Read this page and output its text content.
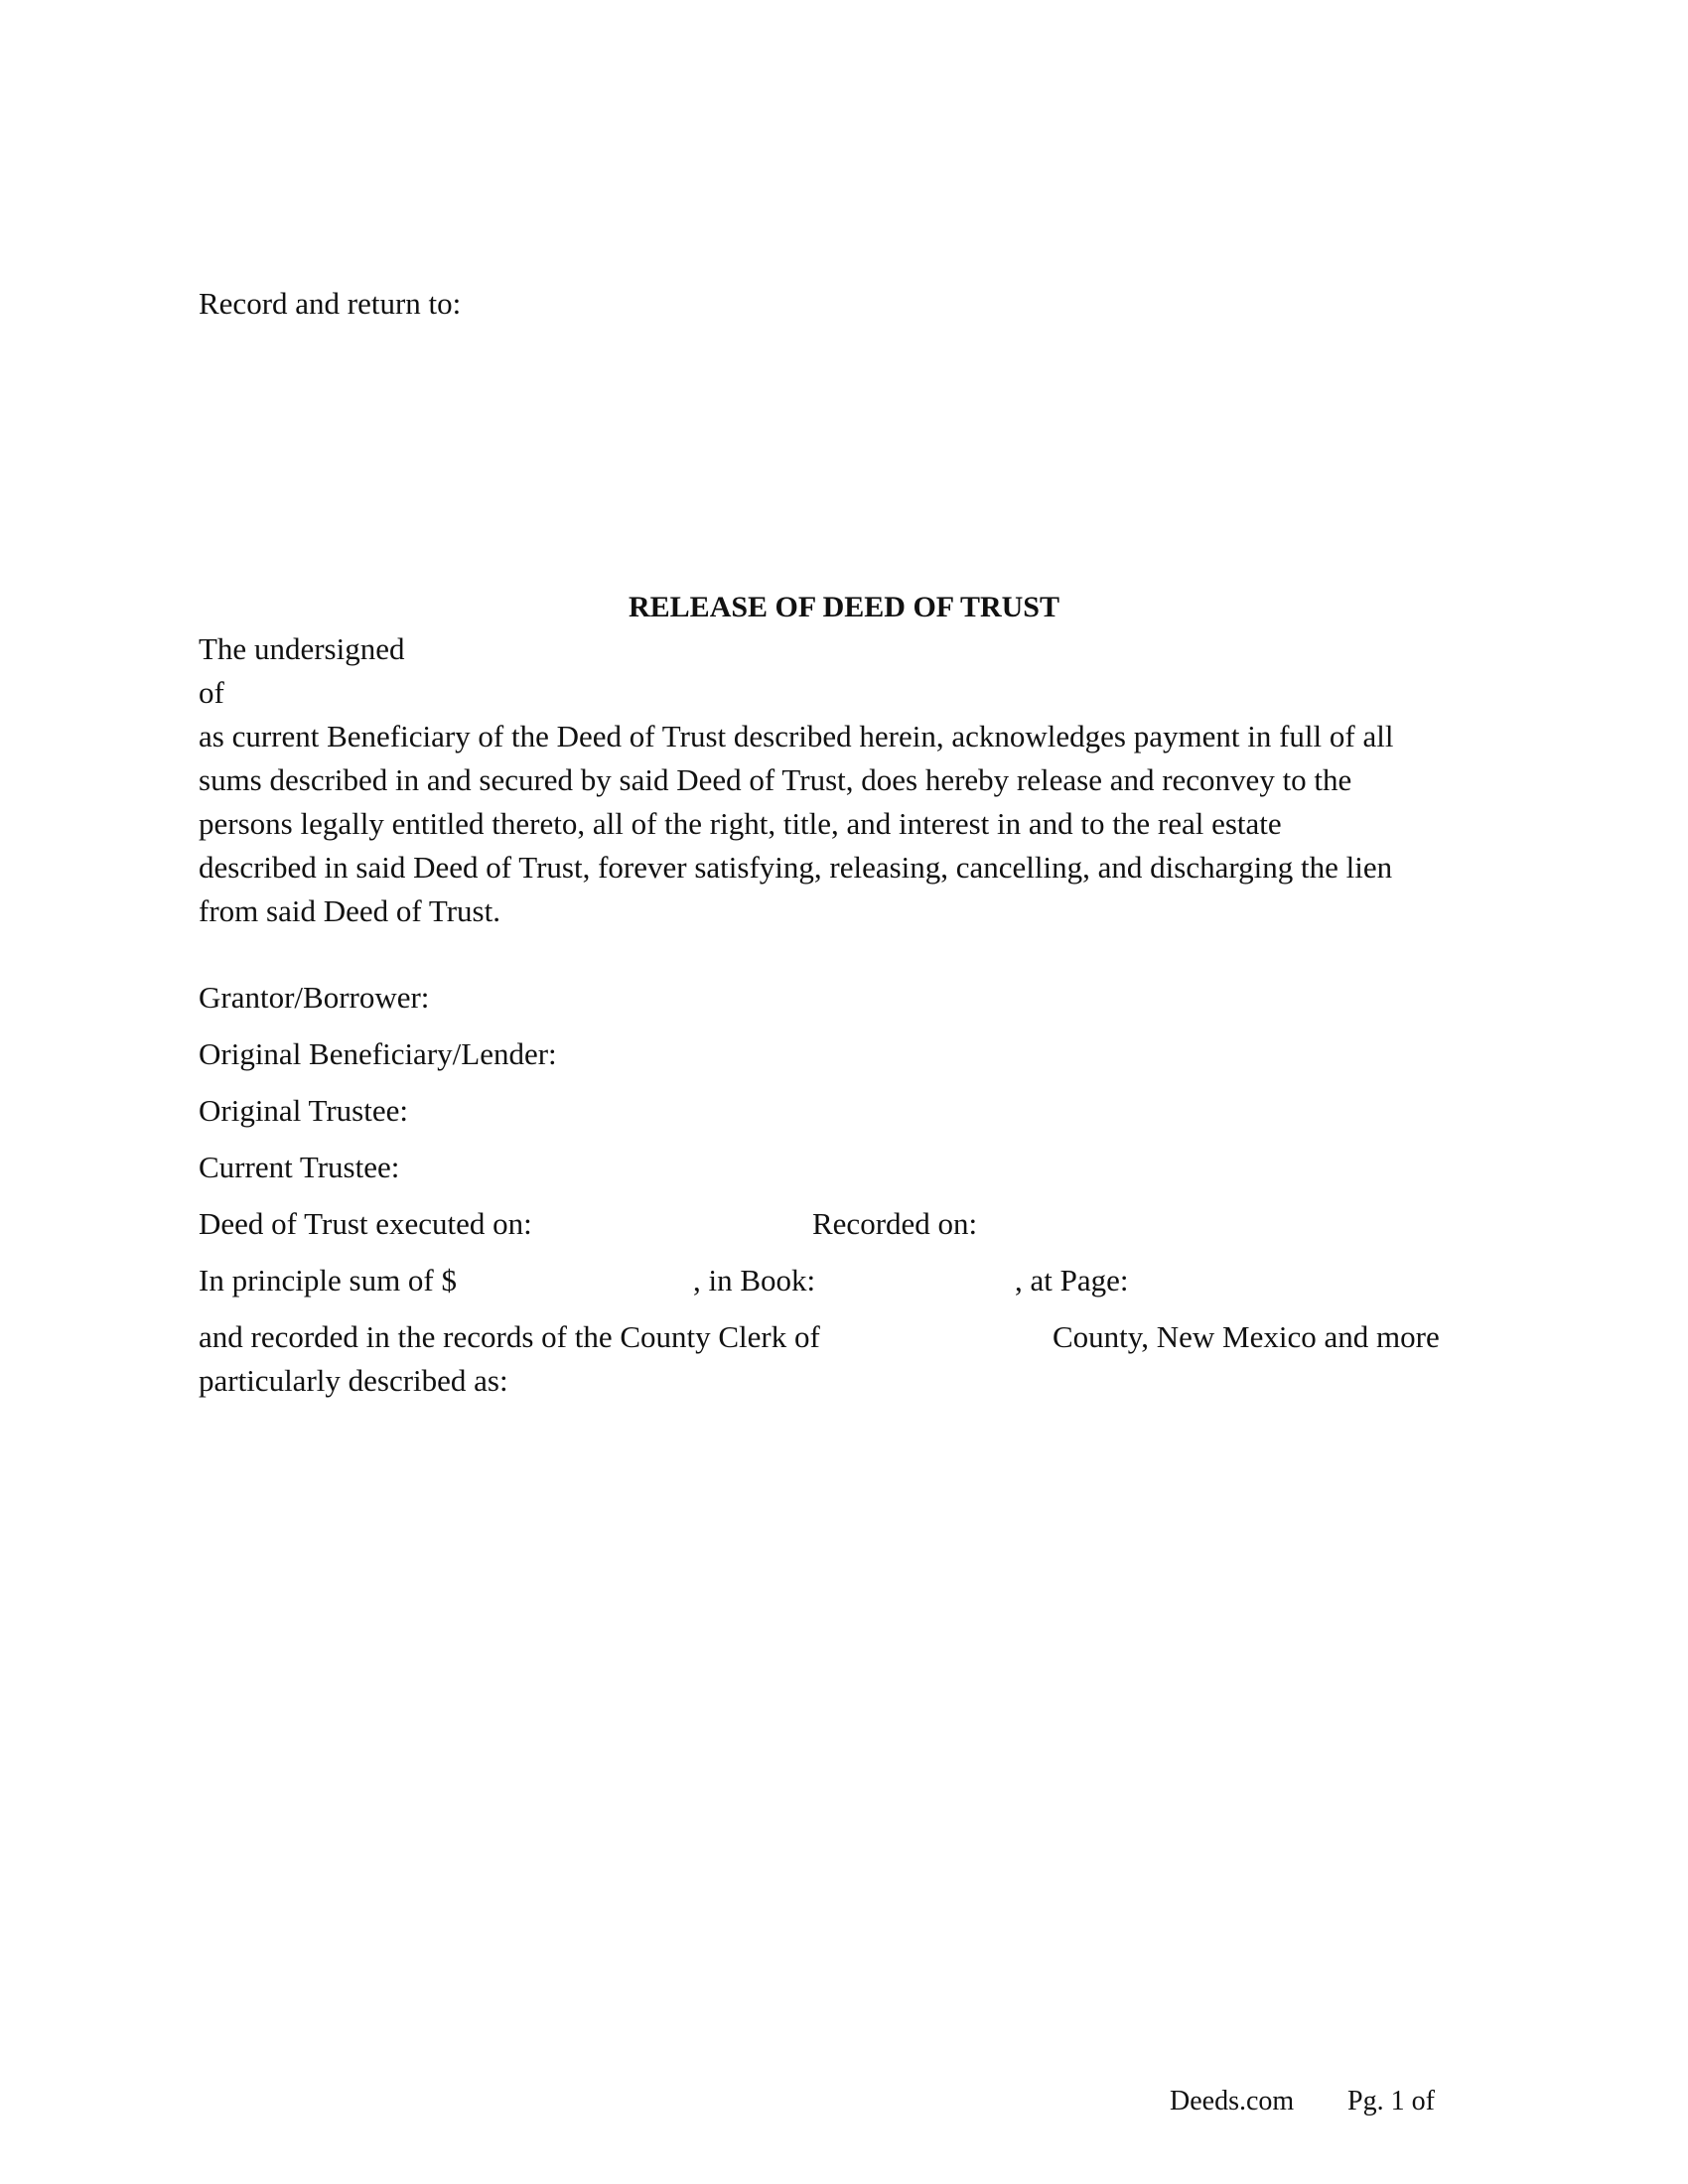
Record and return to:

RELEASE OF DEED OF TRUST
The undersigned
of
as current Beneficiary of the Deed of Trust described herein, acknowledges payment in full of all
sums described in and secured by said Deed of Trust, does hereby release and reconvey to the
persons legally entitled thereto, all of the right, title, and interest in and to the real estate
described in said Deed of Trust, forever satisfying, releasing, cancelling, and discharging the lien
from said Deed of Trust.

Grantor/Borrower:

Original Beneficiary/Lender:

Original Trustee:

Current Trustee:

Deed of Trust executed on:	Recorded on:

In principle sum of $	, in Book:	, at Page:

and recorded in the records of the County Clerk of	County, New Mexico and more

particularly described as:

Deeds.com Pg. 1 of
